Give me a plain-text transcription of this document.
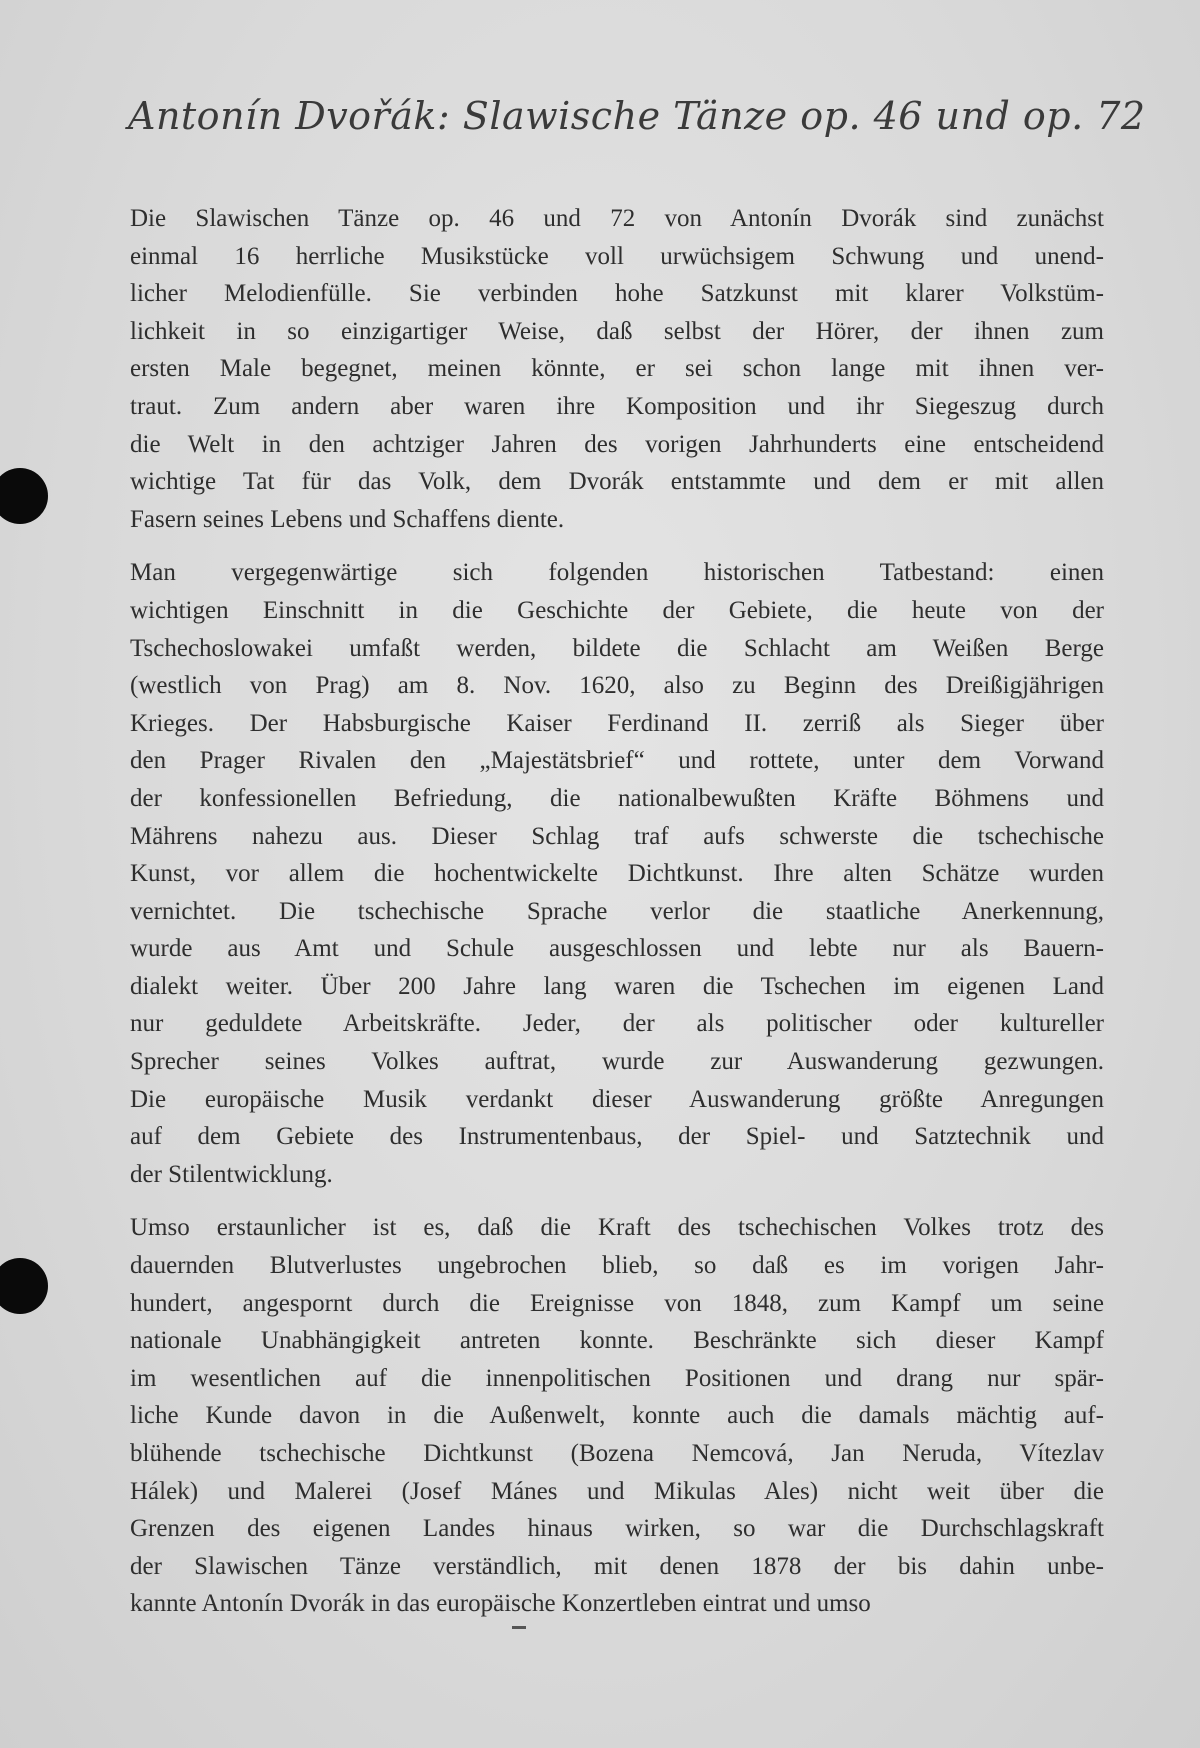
Antonín Dvořák: Slawische Tänze op. 46 und op. 72
Die Slawischen Tänze op. 46 und 72 von Antonín Dvorák sind zunächst
einmal 16 herrliche Musikstücke voll urwüchsigem Schwung und unend-
licher Melodienfülle. Sie verbinden hohe Satzkunst mit klarer Volkstüm-
lichkeit in so einzigartiger Weise, daß selbst der Hörer, der ihnen zum
ersten Male begegnet, meinen könnte, er sei schon lange mit ihnen ver-
traut. Zum andern aber waren ihre Komposition und ihr Siegeszug durch
die Welt in den achtziger Jahren des vorigen Jahrhunderts eine entscheidend
wichtige Tat für das Volk, dem Dvorák entstammte und dem er mit allen
Fasern seines Lebens und Schaffens diente.
Man vergegenwärtige sich folgenden historischen Tatbestand: einen
wichtigen Einschnitt in die Geschichte der Gebiete, die heute von der
Tschechoslowakei umfaßt werden, bildete die Schlacht am Weißen Berge
(westlich von Prag) am 8. Nov. 1620, also zu Beginn des Dreißigjährigen
Krieges. Der Habsburgische Kaiser Ferdinand II. zerriß als Sieger über
den Prager Rivalen den „Majestätsbrief“ und rottete, unter dem Vorwand
der konfessionellen Befriedung, die nationalbewußten Kräfte Böhmens und
Mährens nahezu aus. Dieser Schlag traf aufs schwerste die tschechische
Kunst, vor allem die hochentwickelte Dichtkunst. Ihre alten Schätze wurden
vernichtet. Die tschechische Sprache verlor die staatliche Anerkennung,
wurde aus Amt und Schule ausgeschlossen und lebte nur als Bauern-
dialekt weiter. Über 200 Jahre lang waren die Tschechen im eigenen Land
nur geduldete Arbeitskräfte. Jeder, der als politischer oder kultureller
Sprecher seines Volkes auftrat, wurde zur Auswanderung gezwungen.
Die europäische Musik verdankt dieser Auswanderung größte Anregungen
auf dem Gebiete des Instrumentenbaus, der Spiel- und Satztechnik und
der Stilentwicklung.
Umso erstaunlicher ist es, daß die Kraft des tschechischen Volkes trotz des
dauernden Blutverlustes ungebrochen blieb, so daß es im vorigen Jahr-
hundert, angespornt durch die Ereignisse von 1848, zum Kampf um seine
nationale Unabhängigkeit antreten konnte. Beschränkte sich dieser Kampf
im wesentlichen auf die innenpolitischen Positionen und drang nur spär-
liche Kunde davon in die Außenwelt, konnte auch die damals mächtig auf-
blühende tschechische Dichtkunst (Bozena Nemcová, Jan Neruda, Vítezlav
Hálek) und Malerei (Josef Mánes und Mikulas Ales) nicht weit über die
Grenzen des eigenen Landes hinaus wirken, so war die Durchschlagskraft
der Slawischen Tänze verständlich, mit denen 1878 der bis dahin unbe-
kannte Antonín Dvorák in das europäische Konzertleben eintrat und umso
